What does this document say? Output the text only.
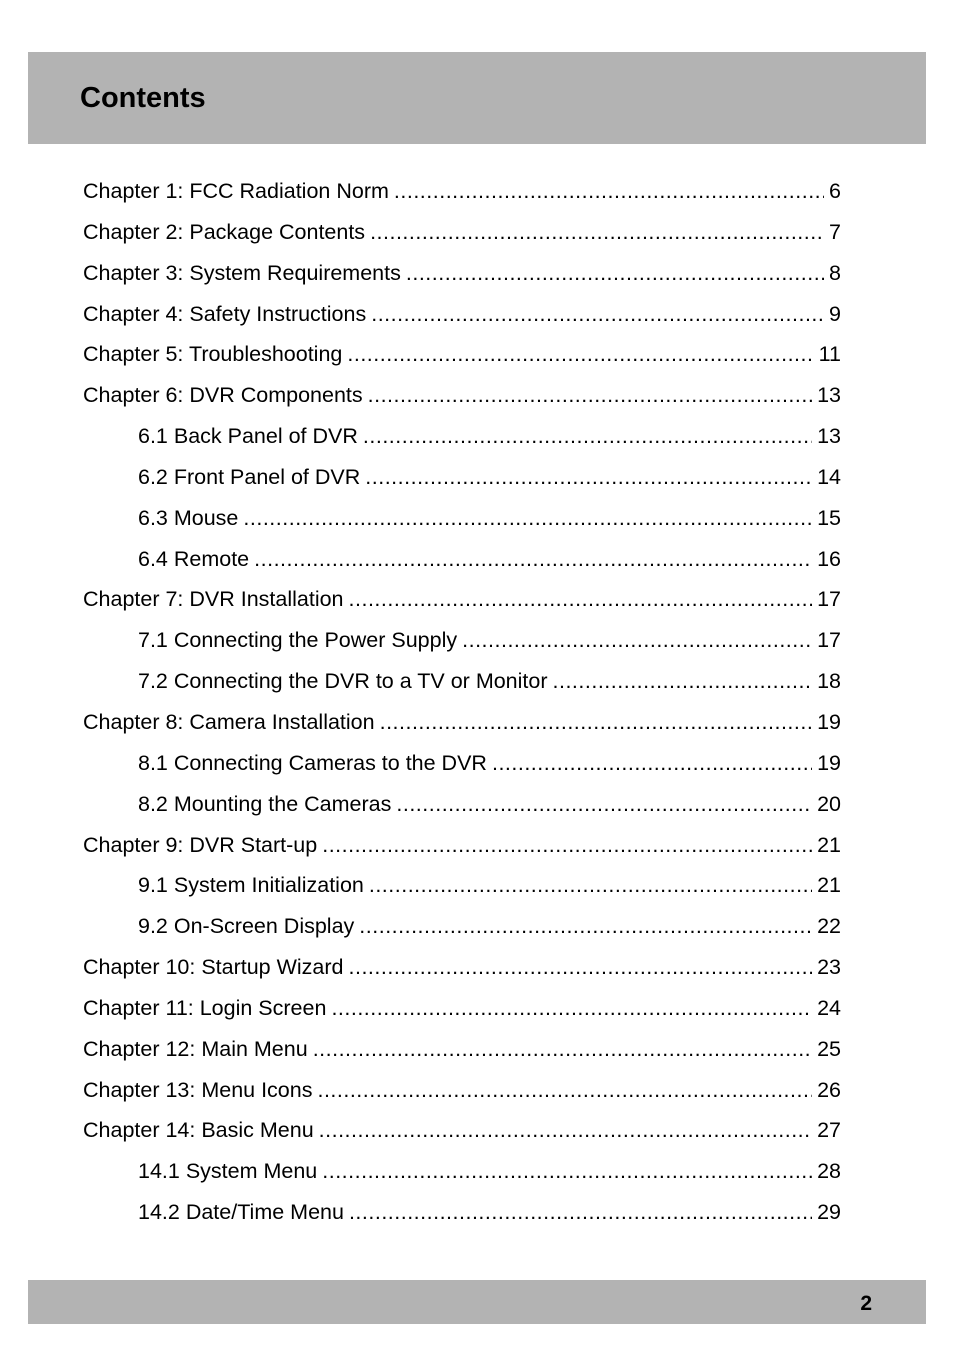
Contents
Chapter 1: FCC Radiation Norm .....	6
Chapter 2: Package Contents .....	7
Chapter 3: System Requirements .....	8
Chapter 4: Safety Instructions .....	9
Chapter 5: Troubleshooting .....	11
Chapter 6: DVR Components .....	13
6.1 Back Panel of DVR .....	13
6.2 Front Panel of DVR .....	14
6.3 Mouse .....	15
6.4 Remote .....	16
Chapter 7: DVR Installation .....	17
7.1 Connecting the Power Supply .....	17
7.2 Connecting the DVR to a TV or Monitor .....	18
Chapter 8: Camera Installation .....	19
8.1 Connecting Cameras to the DVR .....	19
8.2 Mounting the Cameras .....	20
Chapter 9: DVR Start-up .....	21
9.1 System Initialization .....	21
9.2 On-Screen Display .....	22
Chapter 10: Startup Wizard .....	23
Chapter 11: Login Screen .....	24
Chapter 12: Main Menu .....	25
Chapter 13: Menu Icons .....	26
Chapter 14: Basic Menu .....	27
14.1 System Menu .....	28
14.2 Date/Time Menu .....	29
2
